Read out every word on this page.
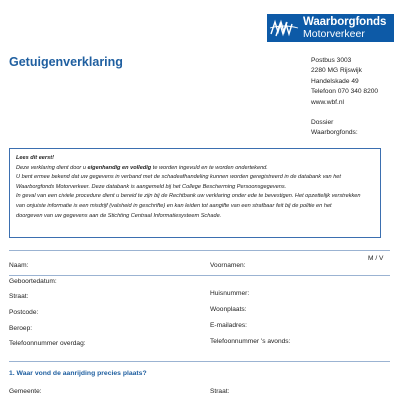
Waarborgfonds
Motorverkeer
Getuigenverklaring	Postbus 3003
2280 MG Rijswijk
Handelskade 49
Telefoon 070 340 8200
www.wbf.nl
Dossier
Waarborgfonds:
Lees dit eerst!
Deze verklaring dient door u eigenhandig en volledig te worden ingevuld en te worden ondertekend.
U bent ermee bekend dat uw gegevens in verband met de schadeafhandeling kunnen worden geregistreerd in de databank van het
Waarborgfonds Motorverkeer. Deze databank is aangemeld bij het College Bescherming Persoonsgegevens.
In geval van een civiele procedure dient u bereid te zijn bij de Rechtbank uw verklaring onder ede te bevestigen. Het opzettelijk verstrekken
van onjuiste informatie is een misdrijf (valsheid in geschrifte) en kan leiden tot aangifte van een strafbaar feit bij de politie en het
doorgeven van uw gegevens aan de Stichting Centraal Informatiesysteem Schade.
M / V
Naam:	Voornamen:
Geboortedatum:
Straat:	Huisnummer:
Postcode:	Woonplaats:
Beroep:	E-mailadres:
Telefoonnummer overdag:	Telefoonnummer 's avonds:
1. Waar vond de aanrijding precies plaats?
Gemeente:	Straat:
